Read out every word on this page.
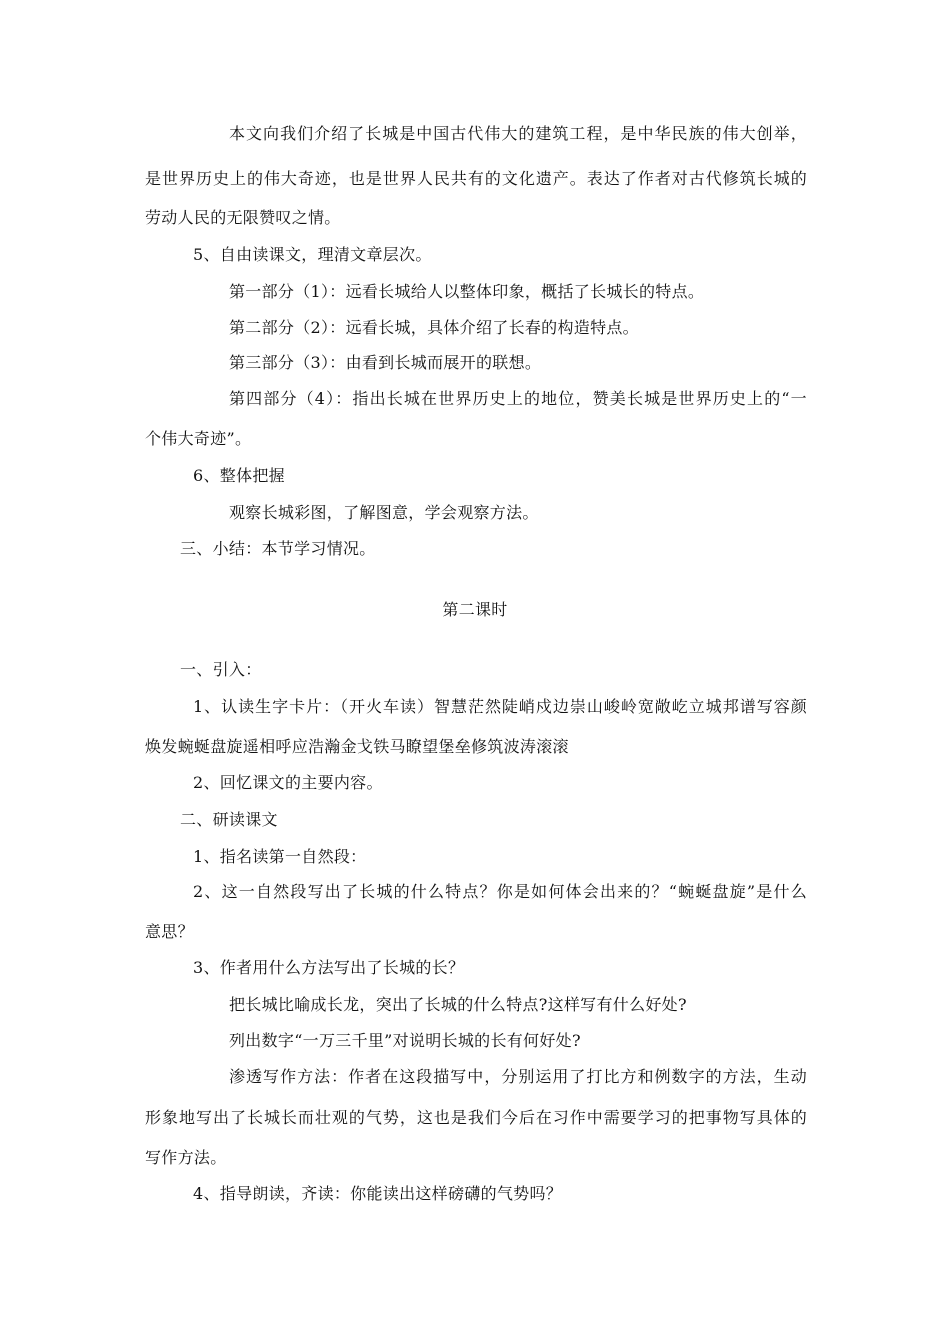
本文向我们介绍了长城是中国古代伟大的建筑工程，是中华民族的伟大创举，
是世界历史上的伟大奇迹，也是世界人民共有的文化遗产。表达了作者对古代修筑长城的
劳动人民的无限赞叹之情。
5、自由读课文，理清文章层次。
第一部分（1）：远看长城给人以整体印象，概括了长城长的特点。
第二部分（2）：远看长城，具体介绍了长春的构造特点。
第三部分（3）：由看到长城而展开的联想。
第四部分（4）：指出长城在世界历史上的地位，赞美长城是世界历史上的“一
个伟大奇迹”。
6、整体把握
观察长城彩图，了解图意，学会观察方法。
三、小结：本节学习情况。
第二课时
一、引入：
1、认读生字卡片：（开火车读）智慧茫然陡峭戍边崇山峻岭宽敞屹立城邦谱写容颜
焕发蜿蜒盘旋遥相呼应浩瀚金戈铁马瞭望堡垒修筑波涛滚滚
2、回忆课文的主要内容。
二、研读课文
1、指名读第一自然段：
2、这一自然段写出了长城的什么特点？你是如何体会出来的？“蜿蜒盘旋”是什么
意思？
3、作者用什么方法写出了长城的长？
把长城比喻成长龙，突出了长城的什么特点?这样写有什么好处?
列出数字“一万三千里”对说明长城的长有何好处?
渗透写作方法：作者在这段描写中，分别运用了打比方和例数字的方法，生动
形象地写出了长城长而壮观的气势，这也是我们今后在习作中需要学习的把事物写具体的
写作方法。
4、指导朗读，齐读：你能读出这样磅礴的气势吗？
